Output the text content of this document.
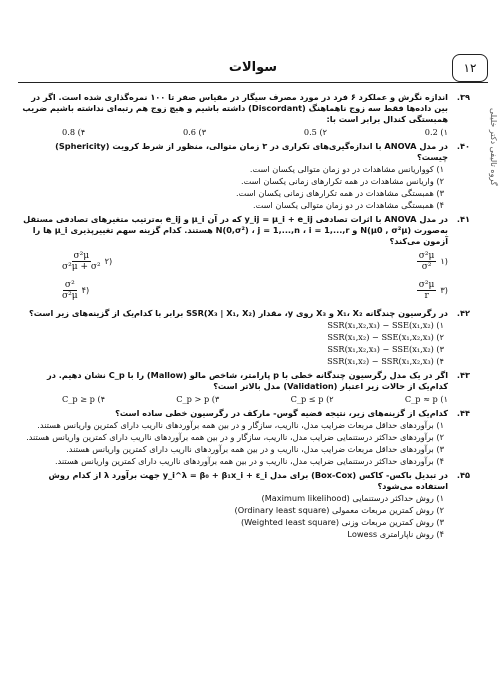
سوالات	۱۲
گروه تالیفی دکتر خلیلی
۳۹.
اندازه نگرش و عملکرد ۶ فرد در مورد مصرف سیگار در مقیاس صفر تا ۱۰۰ نمره‌گذاری شده است. اگر در بین داده‌ها فقط سه زوج ناهماهنگ (Discordant) داشته باشیم و هیچ زوج هم رتبه‌ای نداشته باشیم ضریب همبستگی کندال برابر است با:
0.2 (۱
0.5 (۲
0.6 (۳
0.8 (۴
۴۰.
در مدل ANOVA با اندازه‌گیری‌های تکراری در ۳ زمان متوالی، منظور از شرط کرویت (Sphericity) چیست؟
۱) کوواریانس مشاهدات در دو زمان متوالی یکسان است.
۲) واریانس مشاهدات در همه تکرارهای زمانی یکسان است.
۳) همبستگی مشاهدات در همه تکرارهای زمانی یکسان است.
۴) همبستگی مشاهدات در دو زمان متوالی یکسان است.
۴۱.
در مدل ANOVA با اثرات تصادفی y_ij = μ_i + e_ij که در آن μ_i و e_ij به‌ترتیب متغیرهای تصادفی مستقل به‌صورت N(μ0 , σ²μ) و N(0,σ²) ، j = 1,...,n ، i = 1,...,r هستند. کدام گزینه سهم تغییرپذیری μ_i ها را آزمون می‌کند؟
(۱
$\frac{\text{σ²μ}}{\text{σ²}}$
(۲
$\frac{\text{σ²μ}}{\text{σ²μ + σ²}}$
(۳
$\frac{\text{σ²μ}}{r}$
(۴
$\frac{\text{σ²}}{\text{σ²μ}}$
۴۲.
در رگرسیون چندگانه X₁، X₂ و X₃ روی y، مقدار SSR(X₃ | X₁, X₂) برابر با کدام‌یک از گزینه‌های زیر است؟
SSR(x₁,x₂,x₃) − SSE(x₁,x₂) (۱
SSR(x₁,x₂) − SSE(x₁,x₂,x₃) (۲
SSR(x₁,x₂,x₃) − SSE(x₁,x₂) (۳
SSR(x₁,x₂) − SSR(x₁,x₂,x₃) (۴
۴۳.
اگر در یک مدل رگرسیون چندگانه خطی با p پارامتر، شاخص مالو (Mallow) را با C_p نشان دهیم. در کدام‌یک از حالات زیر اعتبار (Validation) مدل بالاتر است؟
C_p ≈ p (۱
C_p ≤ p (۲
C_p > p (۳
C_p ≥ p (۴
۴۴.
کدام‌یک از گزینه‌های زیر، نتیجه قضیه گوس- مارکف در رگرسیون خطی ساده است؟
۱) برآوردهای حداقل مربعات ضرایب مدل، نااریب، سازگار و در بین همه برآوردهای نااریب دارای کمترین واریانس هستند.
۲) برآوردهای حداکثر درستنمایی ضرایب مدل، نااریب، سازگار و در بین همه برآوردهای نااریب دارای کمترین واریانس هستند.
۳) برآوردهای حداقل مربعات ضرایب مدل، نااریب و در بین همه برآوردهای نااریب دارای کمترین واریانس هستند.
۴) برآوردهای حداکثر درستنمایی ضرایب مدل، نااریب و در بین همه برآوردهای نااریب دارای کمترین واریانس هستند.
۴۵.
در تبدیل باکس- کاکس (Box-Cox) برای مدل y_i^λ = β₀ + β₁x_i + ε_i جهت برآورد λ از کدام روش استفاده می‌شود؟
۱) روش حداکثر درستنمایی (Maximum likelihood)
۲) روش کمترین مربعات معمولی (Ordinary least square)
۳) روش کمترین مربعات وزنی (Weighted least square)
۴) روش ناپارامتری Lowess
